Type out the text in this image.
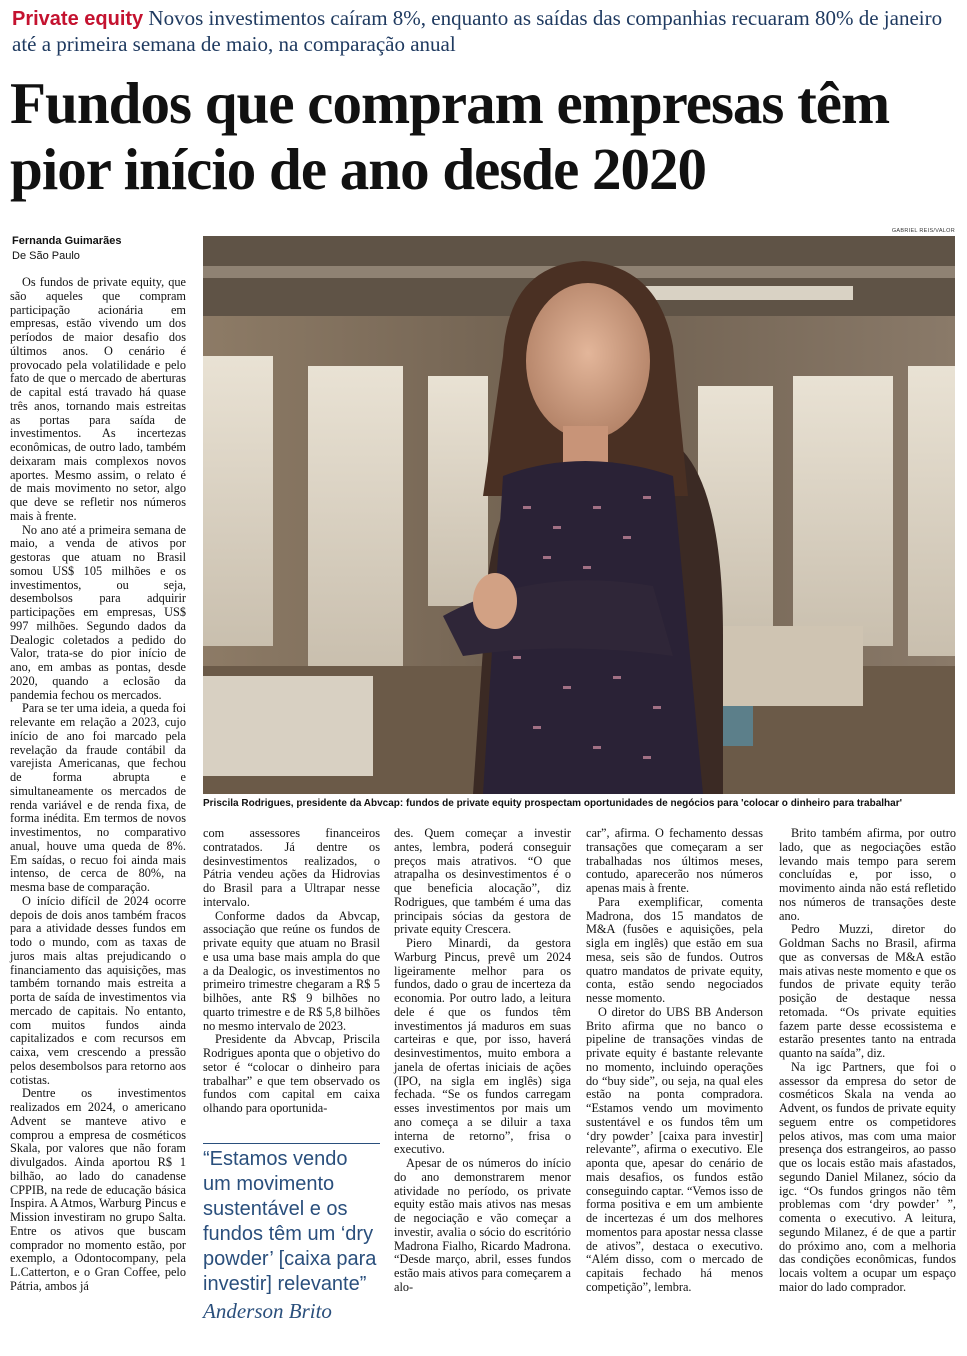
Private equity Novos investimentos caíram 8%, enquanto as saídas das companhias recuaram 80% de janeiro até a primeira semana de maio, na comparação anual
Fundos que compram empresas têm pior início de ano desde 2020
Fernanda Guimarães
De São Paulo
GABRIEL REIS/VALOR
Priscila Rodrigues, presidente da Abvcap: fundos de private equity prospectam oportunidades de negócios para 'colocar o dinheiro para trabalhar'

Os fundos de private equity, que são aqueles que compram participação acionária em empresas, estão vivendo um dos períodos de maior desafio dos últimos anos. O cenário é provocado pela volatilidade e pelo fato de que o mercado de aberturas de capital está travado há quase três anos, tornando mais estreitas as portas para saída de investimentos. As incertezas econômicas, de outro lado, também deixaram mais complexos novos aportes. Mesmo assim, o relato é de mais movimento no setor, algo que deve se refletir nos números mais à frente.

No ano até a primeira semana de maio, a venda de ativos por gestoras que atuam no Brasil somou US$ 105 milhões e os investimentos, ou seja, desembolsos para adquirir participações em empresas, US$ 997 milhões. Segundo dados da Dealogic coletados a pedido do Valor, trata-se do pior início de ano, em ambas as pontas, desde 2020, quando a eclosão da pandemia fechou os mercados.

Para se ter uma ideia, a queda foi relevante em relação a 2023, cujo início de ano foi marcado pela revelação da fraude contábil da varejista Americanas, que fechou de forma abrupta e simultaneamente os mercados de renda variável e de renda fixa, de forma inédita. Em termos de novos investimentos, no comparativo anual, houve uma queda de 8%. Em saídas, o recuo foi ainda mais intenso, de cerca de 80%, na mesma base de comparação.

O início difícil de 2024 ocorre depois de dois anos também fracos para a atividade desses fundos em todo o mundo, com as taxas de juros mais altas prejudicando o financiamento das aquisições, mas também tornando mais estreita a porta de saída de investimentos via mercado de capitais. No entanto, com muitos fundos ainda capitalizados e com recursos em caixa, vem crescendo a pressão pelos desembolsos para retorno aos cotistas.

Dentre os investimentos realizados em 2024, o americano Advent se manteve ativo e comprou a empresa de cosméticos Skala, por valores que não foram divulgados. Ainda aportou R$ 1 bilhão, ao lado do canadense CPPIB, na rede de educação básica Inspira. A Atmos, Warburg Pincus e Mission investiram no grupo Salta. Entre os ativos que buscam comprador no momento estão, por exemplo, a Odontocompany, pela L.Catterton, e o Gran Coffee, pelo Pátria, ambos já

com assessores financeiros contratados. Já dentre os desinvestimentos realizados, o Pátria vendeu ações da Hidrovias do Brasil para a Ultrapar nesse intervalo.

Conforme dados da Abvcap, associação que reúne os fundos de private equity que atuam no Brasil e usa uma base mais ampla do que a da Dealogic, os investimentos no primeiro trimestre chegaram a R$ 5 bilhões, ante R$ 9 bilhões no quarto trimestre e de R$ 5,8 bilhões no mesmo intervalo de 2023.

Presidente da Abvcap, Priscila Rodrigues aponta que o objetivo do setor é “colocar o dinheiro para trabalhar” e que tem observado os fundos com capital em caixa olhando para oportunida-

“Estamos vendo um movimento sustentável e os fundos têm um ‘dry powder’ [caixa para investir] relevante”
Anderson Brito

des. Quem começar a investir antes, lembra, poderá conseguir preços mais atrativos. “O que atrapalha os desinvestimentos é o que beneficia alocação”, diz Rodrigues, que também é uma das principais sócias da gestora de private equity Crescera.

Piero Minardi, da gestora Warburg Pincus, prevê um 2024 ligeiramente melhor para os fundos, dado o grau de incerteza da economia. Por outro lado, a leitura dele é que os fundos têm investimentos já maduros em suas carteiras e que, por isso, haverá desinvestimentos, muito embora a janela de ofertas iniciais de ações (IPO, na sigla em inglês) siga fechada. “Se os fundos carregam esses investimentos por mais um ano começa a se diluir a taxa interna de retorno”, frisa o executivo.

Apesar de os números do início do ano demonstrarem menor atividade no período, os private equity estão mais ativos nas mesas de negociação e vão começar a investir, avalia o sócio do escritório Madrona Fialho, Ricardo Madrona. “Desde março, abril, esses fundos estão mais ativos para começarem a alo-

car”, afirma. O fechamento dessas transações que começaram a ser trabalhadas nos últimos meses, contudo, aparecerão nos números apenas mais à frente.

Para exemplificar, comenta Madrona, dos 15 mandatos de M&A (fusões e aquisições, pela sigla em inglês) que estão em sua mesa, seis são de fundos. Outros quatro mandatos de private equity, conta, estão sendo negociados nesse momento.

O diretor do UBS BB Anderson Brito afirma que no banco o pipeline de transações vindas de private equity é bastante relevante no momento, incluindo operações do “buy side”, ou seja, na qual eles estão na ponta compradora. “Estamos vendo um movimento sustentável e os fundos têm um ‘dry powder’ [caixa para investir] relevante”, afirma o executivo. Ele aponta que, apesar do cenário de mais desafios, os fundos estão conseguindo captar. “Vemos isso de forma positiva e em um ambiente de incertezas é um dos melhores momentos para apostar nessa classe de ativos”, destaca o executivo. “Além disso, com o mercado de capitais fechado há menos competição”, lembra.

Brito também afirma, por outro lado, que as negociações estão levando mais tempo para serem concluídas e, por isso, o movimento ainda não está refletido nos números de transações deste ano.

Pedro Muzzi, diretor do Goldman Sachs no Brasil, afirma que as conversas de M&A estão mais ativas neste momento e que os fundos de private equity terão posição de destaque nessa retomada. “Os private equities fazem parte desse ecossistema e estarão presentes tanto na entrada quanto na saída”, diz.

Na igc Partners, que foi o assessor da empresa do setor de cosméticos Skala na venda ao Advent, os fundos de private equity seguem entre os competidores pelos ativos, mas com uma maior presença dos estrangeiros, ao passo que os locais estão mais afastados, segundo Daniel Milanez, sócio da igc. “Os fundos gringos não têm problemas com ‘dry powder’ ”, comenta o executivo. A leitura, segundo Milanez, é de que a partir do próximo ano, com a melhoria das condições econômicas, fundos locais voltem a ocupar um espaço maior do lado comprador.
